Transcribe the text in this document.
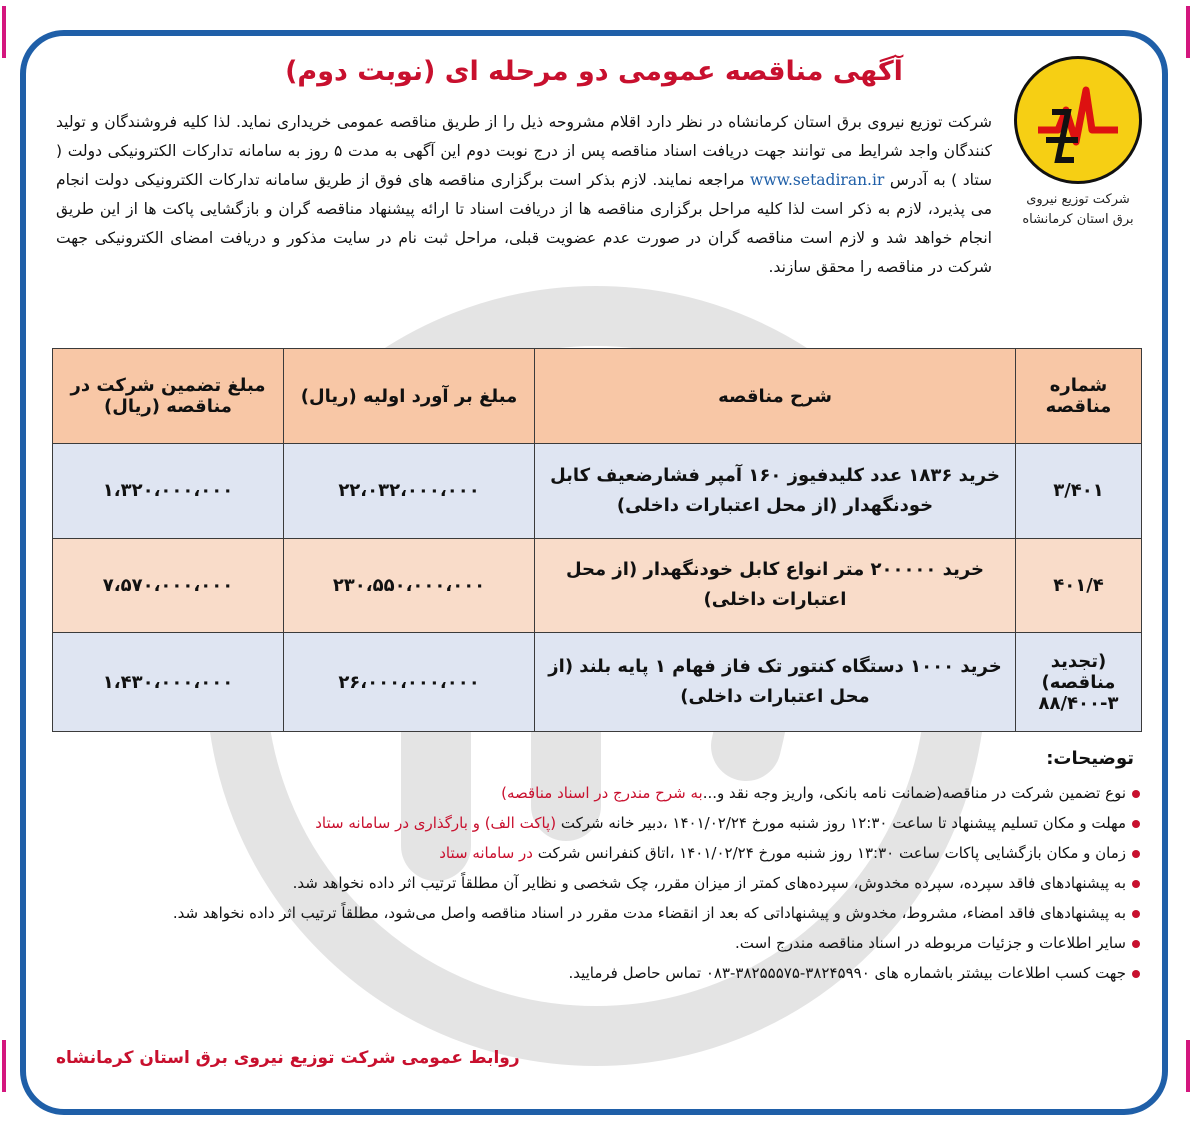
شرکت توزیع نیروی
برق استان کرمانشاه
آگهی مناقصه عمومی دو مرحله ای (نوبت دوم)
شرکت توزیع نیروی برق استان کرمانشاه در نظر دارد اقلام مشروحه ذیل را از طریق مناقصه عمومی خریداری نماید. لذا کلیه فروشندگان و تولید کنندگان واجد شرایط می توانند جهت دریافت اسناد مناقصه پس از درج نوبت دوم این آگهی به مدت ۵ روز به سامانه تدارکات الکترونیکی دولت ( ستاد ) به آدرس www.setadiran.ir مراجعه نمایند. لازم بذکر است برگزاری مناقصه های فوق از طریق سامانه تدارکات الکترونیکی دولت انجام می پذیرد، لازم به ذکر است لذا کلیه مراحل برگزاری مناقصه ها از دریافت اسناد تا ارائه پیشنهاد مناقصه گران و بازگشایی پاکت ها از این طریق انجام خواهد شد و لازم است مناقصه گران در صورت عدم عضویت قبلی، مراحل ثبت نام در سایت مذکور و دریافت امضای الکترونیکی جهت شرکت در مناقصه را محقق سازند.
شماره مناقصه	شرح مناقصه	مبلغ بر آورد اولیه (ریال)	مبلغ تضمین شرکت در مناقصه (ریال)
۳/۴۰۱	خرید ۱۸۳۶ عدد کلیدفیوز ۱۶۰ آمپر فشارضعیف کابل خودنگهدار (از محل اعتبارات داخلی)	۲۲،۰۳۲،۰۰۰،۰۰۰	۱،۳۲۰،۰۰۰،۰۰۰
۴۰۱/۴	خرید ۲۰۰۰۰۰ متر انواع کابل خودنگهدار (از محل اعتبارات داخلی)	۲۳۰،۵۵۰،۰۰۰،۰۰۰	۷،۵۷۰،۰۰۰،۰۰۰
(تجدید مناقصه) ۳-۸۸/۴۰۰	خرید ۱۰۰۰ دستگاه کنتور تک فاز فهام ۱ پایه بلند (از محل اعتبارات داخلی)	۲۶،۰۰۰،۰۰۰،۰۰۰	۱،۴۳۰،۰۰۰،۰۰۰
توضیحات:
نوع تضمین شرکت در مناقصه(ضمانت نامه بانکی، واریز وجه نقد و...به شرح مندرج در اسناد مناقصه)
مهلت و مکان تسلیم پیشنهاد تا ساعت ۱۲:۳۰ روز شنبه مورخ ۱۴۰۱/۰۲/۲۴ ،دبیر خانه شرکت (پاکت الف) و بارگذاری در سامانه ستاد
زمان و مکان بازگشایی پاکات ساعت ۱۳:۳۰ روز شنبه مورخ ۱۴۰۱/۰۲/۲۴ ،اتاق کنفرانس شرکت در سامانه ستاد
به پیشنهادهای فاقد سپرده، سپرده مخدوش، سپرده‌های کمتر از میزان مقرر، چک شخصی و نظایر آن مطلقاً ترتیب اثر داده نخواهد شد.
به پیشنهادهای فاقد امضاء، مشروط، مخدوش و پیشنهاداتی که بعد از انقضاء مدت مقرر در اسناد مناقصه واصل می‌شود، مطلقاً ترتیب اثر داده نخواهد شد.
سایر اطلاعات و جزئیات مربوطه در اسناد مناقصه مندرج است.
جهت کسب اطلاعات بیشتر باشماره های ۳۸۲۴۵۹۹۰-۳۸۲۵۵۵۷۵-۰۸۳ تماس حاصل فرمایید.
روابط عمومی شرکت توزیع نیروی برق استان کرمانشاه
